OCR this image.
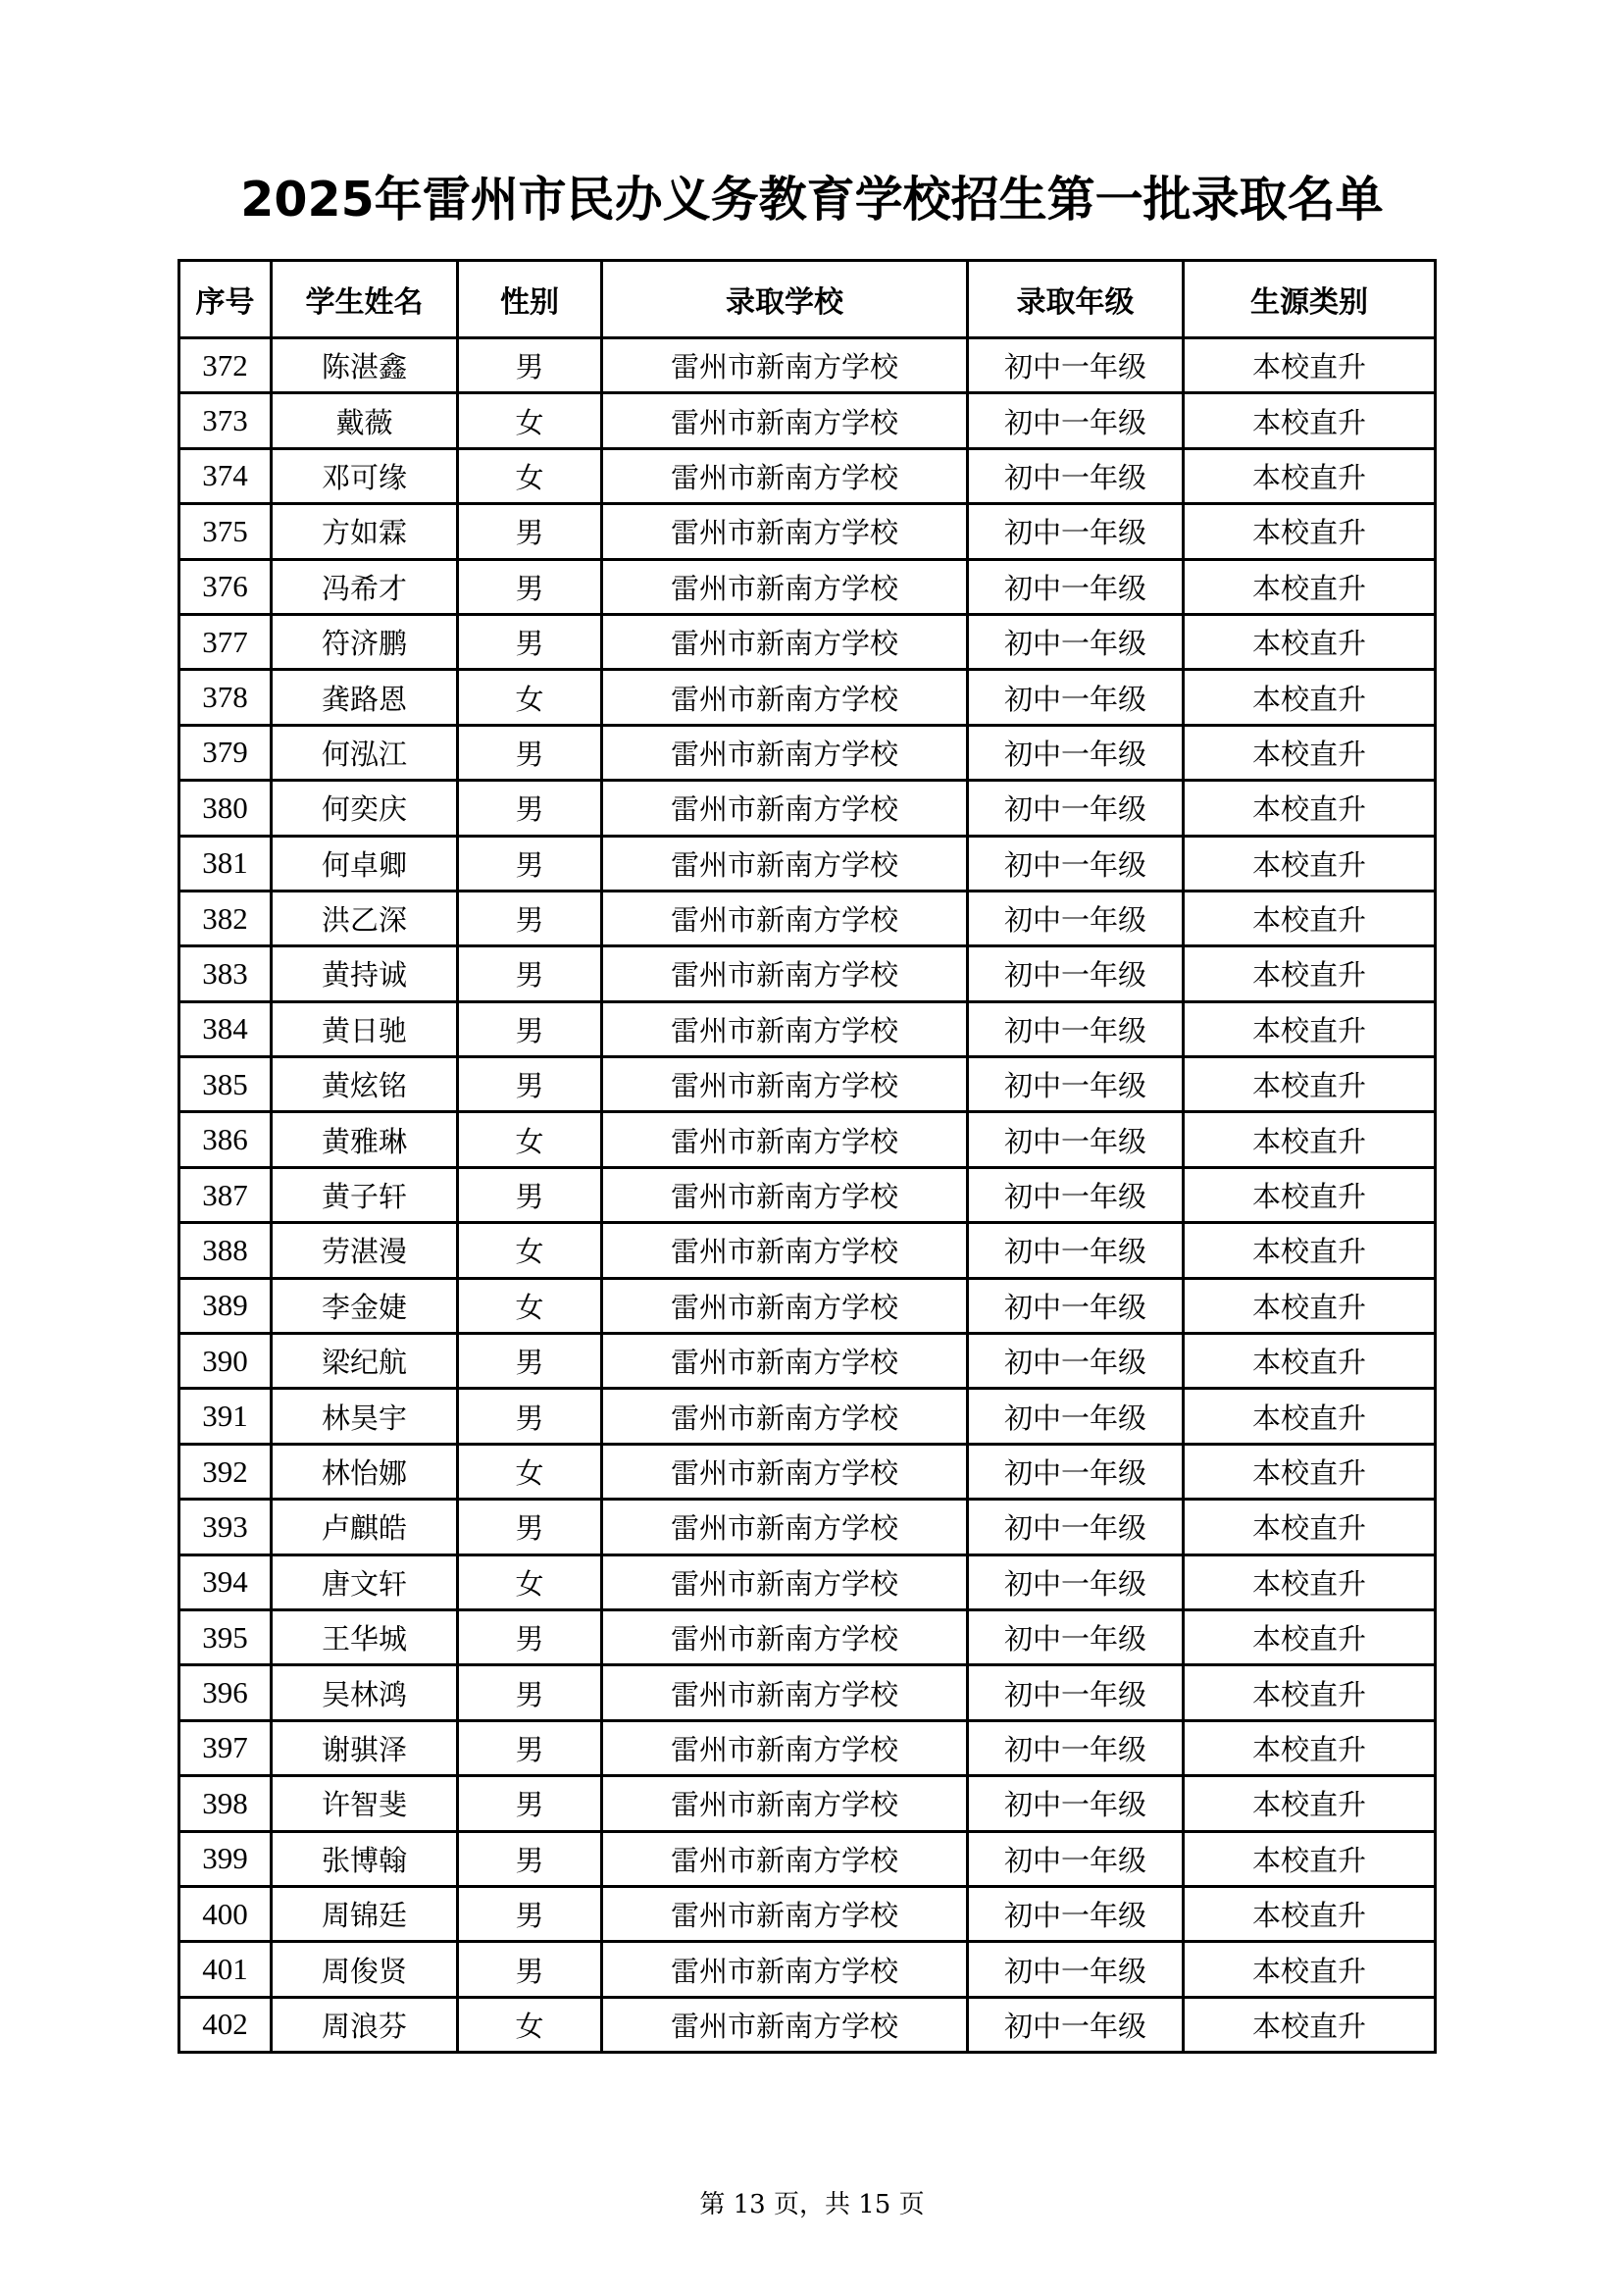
2025年雷州市民办义务教育学校招生第一批录取名单
序号	学生姓名	性别	录取学校	录取年级	生源类别
372	陈湛鑫	男	雷州市新南方学校	初中一年级	本校直升
373	戴薇	女	雷州市新南方学校	初中一年级	本校直升
374	邓可缘	女	雷州市新南方学校	初中一年级	本校直升
375	方如霖	男	雷州市新南方学校	初中一年级	本校直升
376	冯希才	男	雷州市新南方学校	初中一年级	本校直升
377	符济鹏	男	雷州市新南方学校	初中一年级	本校直升
378	龚路恩	女	雷州市新南方学校	初中一年级	本校直升
379	何泓江	男	雷州市新南方学校	初中一年级	本校直升
380	何奕庆	男	雷州市新南方学校	初中一年级	本校直升
381	何卓卿	男	雷州市新南方学校	初中一年级	本校直升
382	洪乙深	男	雷州市新南方学校	初中一年级	本校直升
383	黄持诚	男	雷州市新南方学校	初中一年级	本校直升
384	黄日驰	男	雷州市新南方学校	初中一年级	本校直升
385	黄炫铭	男	雷州市新南方学校	初中一年级	本校直升
386	黄雅琳	女	雷州市新南方学校	初中一年级	本校直升
387	黄子轩	男	雷州市新南方学校	初中一年级	本校直升
388	劳湛漫	女	雷州市新南方学校	初中一年级	本校直升
389	李金婕	女	雷州市新南方学校	初中一年级	本校直升
390	梁纪航	男	雷州市新南方学校	初中一年级	本校直升
391	林昊宇	男	雷州市新南方学校	初中一年级	本校直升
392	林怡娜	女	雷州市新南方学校	初中一年级	本校直升
393	卢麒皓	男	雷州市新南方学校	初中一年级	本校直升
394	唐文轩	女	雷州市新南方学校	初中一年级	本校直升
395	王华城	男	雷州市新南方学校	初中一年级	本校直升
396	吴林鸿	男	雷州市新南方学校	初中一年级	本校直升
397	谢骐泽	男	雷州市新南方学校	初中一年级	本校直升
398	许智斐	男	雷州市新南方学校	初中一年级	本校直升
399	张博翰	男	雷州市新南方学校	初中一年级	本校直升
400	周锦廷	男	雷州市新南方学校	初中一年级	本校直升
401	周俊贤	男	雷州市新南方学校	初中一年级	本校直升
402	周浪芬	女	雷州市新南方学校	初中一年级	本校直升
第 13 页，共 15 页
